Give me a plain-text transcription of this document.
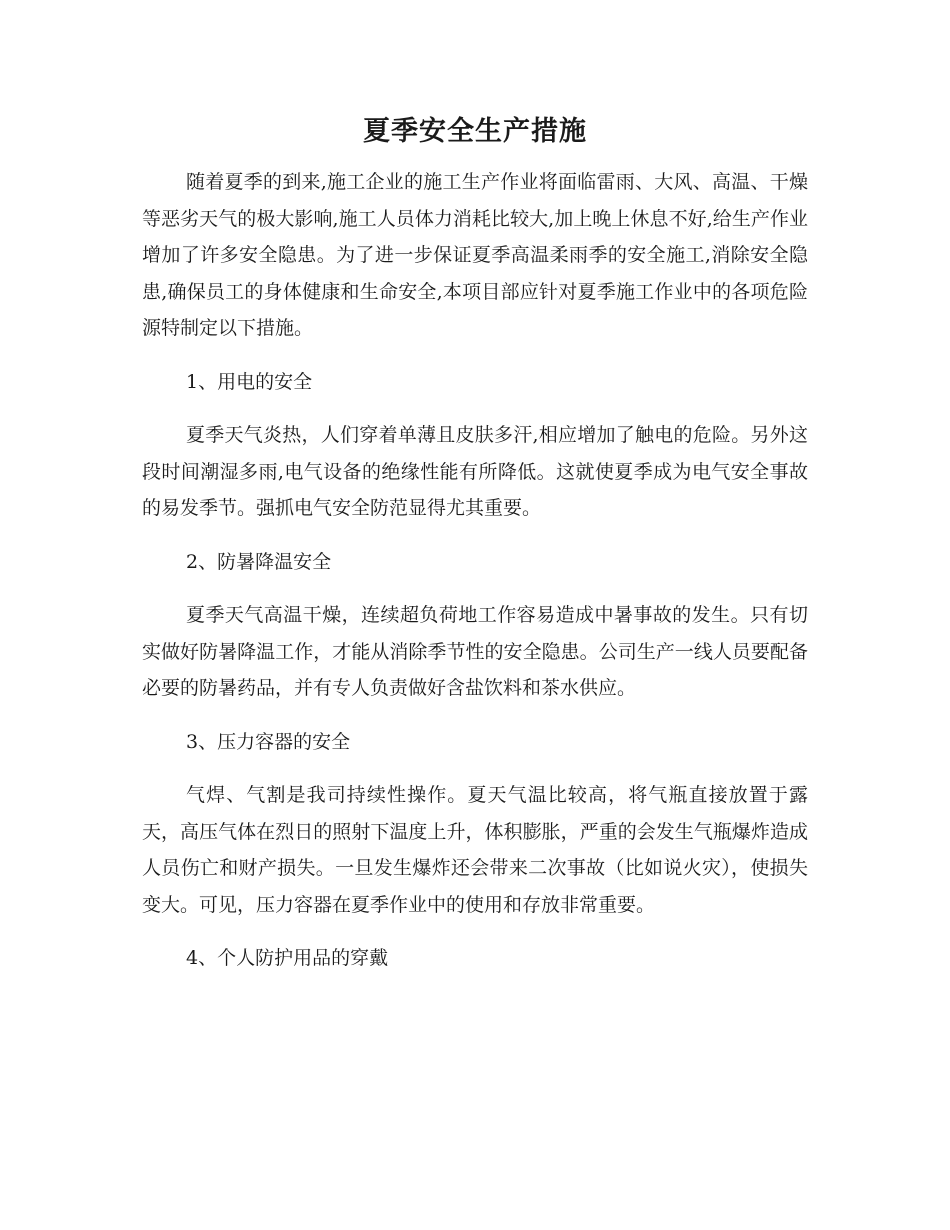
夏季安全生产措施

随着夏季的到来,施工企业的施工生产作业将面临雷雨、大风、高温、干燥等恶劣天气的极大影响,施工人员体力消耗比较大,加上晚上休息不好,给生产作业增加了许多安全隐患。为了进一步保证夏季高温柔雨季的安全施工,消除安全隐患,确保员工的身体健康和生命安全,本项目部应针对夏季施工作业中的各项危险源特制定以下措施。

1、用电的安全

夏季天气炎热，人们穿着单薄且皮肤多汗,相应增加了触电的危险。另外这段时间潮湿多雨,电气设备的绝缘性能有所降低。这就使夏季成为电气安全事故的易发季节。强抓电气安全防范显得尤其重要。

2、防暑降温安全

夏季天气高温干燥，连续超负荷地工作容易造成中暑事故的发生。只有切实做好防暑降温工作，才能从消除季节性的安全隐患。公司生产一线人员要配备必要的防暑药品，并有专人负责做好含盐饮料和茶水供应。

3、压力容器的安全

气焊、气割是我司持续性操作。夏天气温比较高，将气瓶直接放置于露天，高压气体在烈日的照射下温度上升，体积膨胀，严重的会发生气瓶爆炸造成人员伤亡和财产损失。一旦发生爆炸还会带来二次事故（比如说火灾），使损失变大。可见，压力容器在夏季作业中的使用和存放非常重要。

4、个人防护用品的穿戴
